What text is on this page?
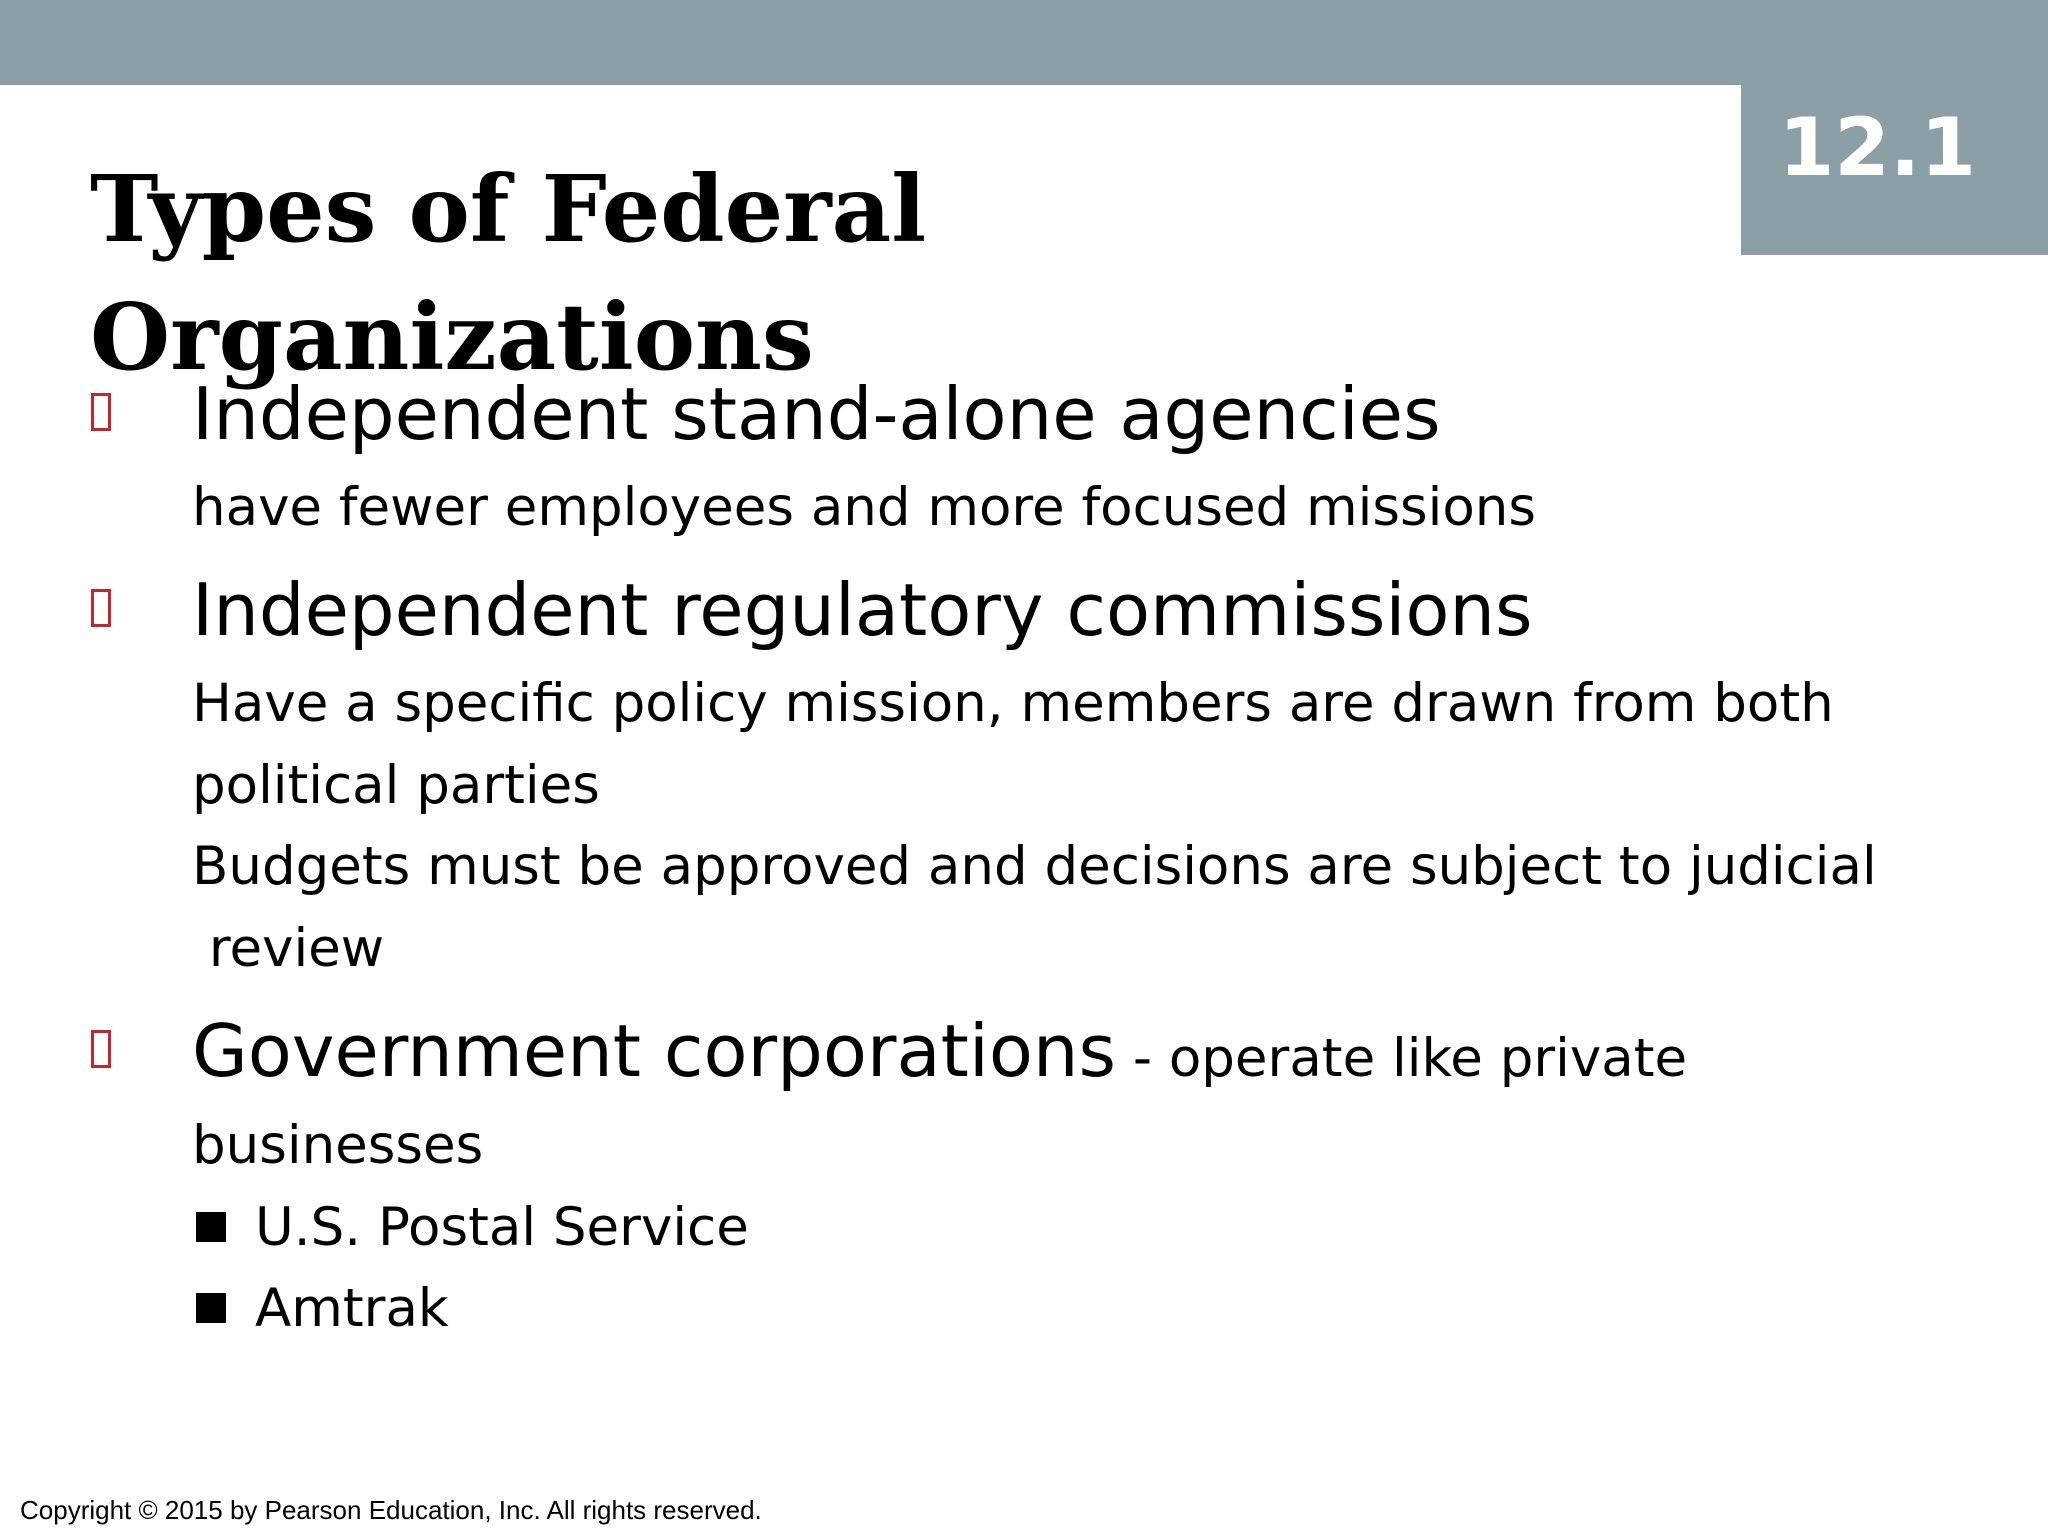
12.1
Types of Federal
Organizations
Independent stand-alone agencies
have fewer employees and more focused missions
Independent regulatory commissions
Have a specific policy mission, members are drawn from both
political parties
Budgets must be approved and decisions are subject to judicial
review
Government corporations - operate like private
businesses
U.S. Postal Service
Amtrak
Copyright © 2015 by Pearson Education, Inc. All rights reserved.
